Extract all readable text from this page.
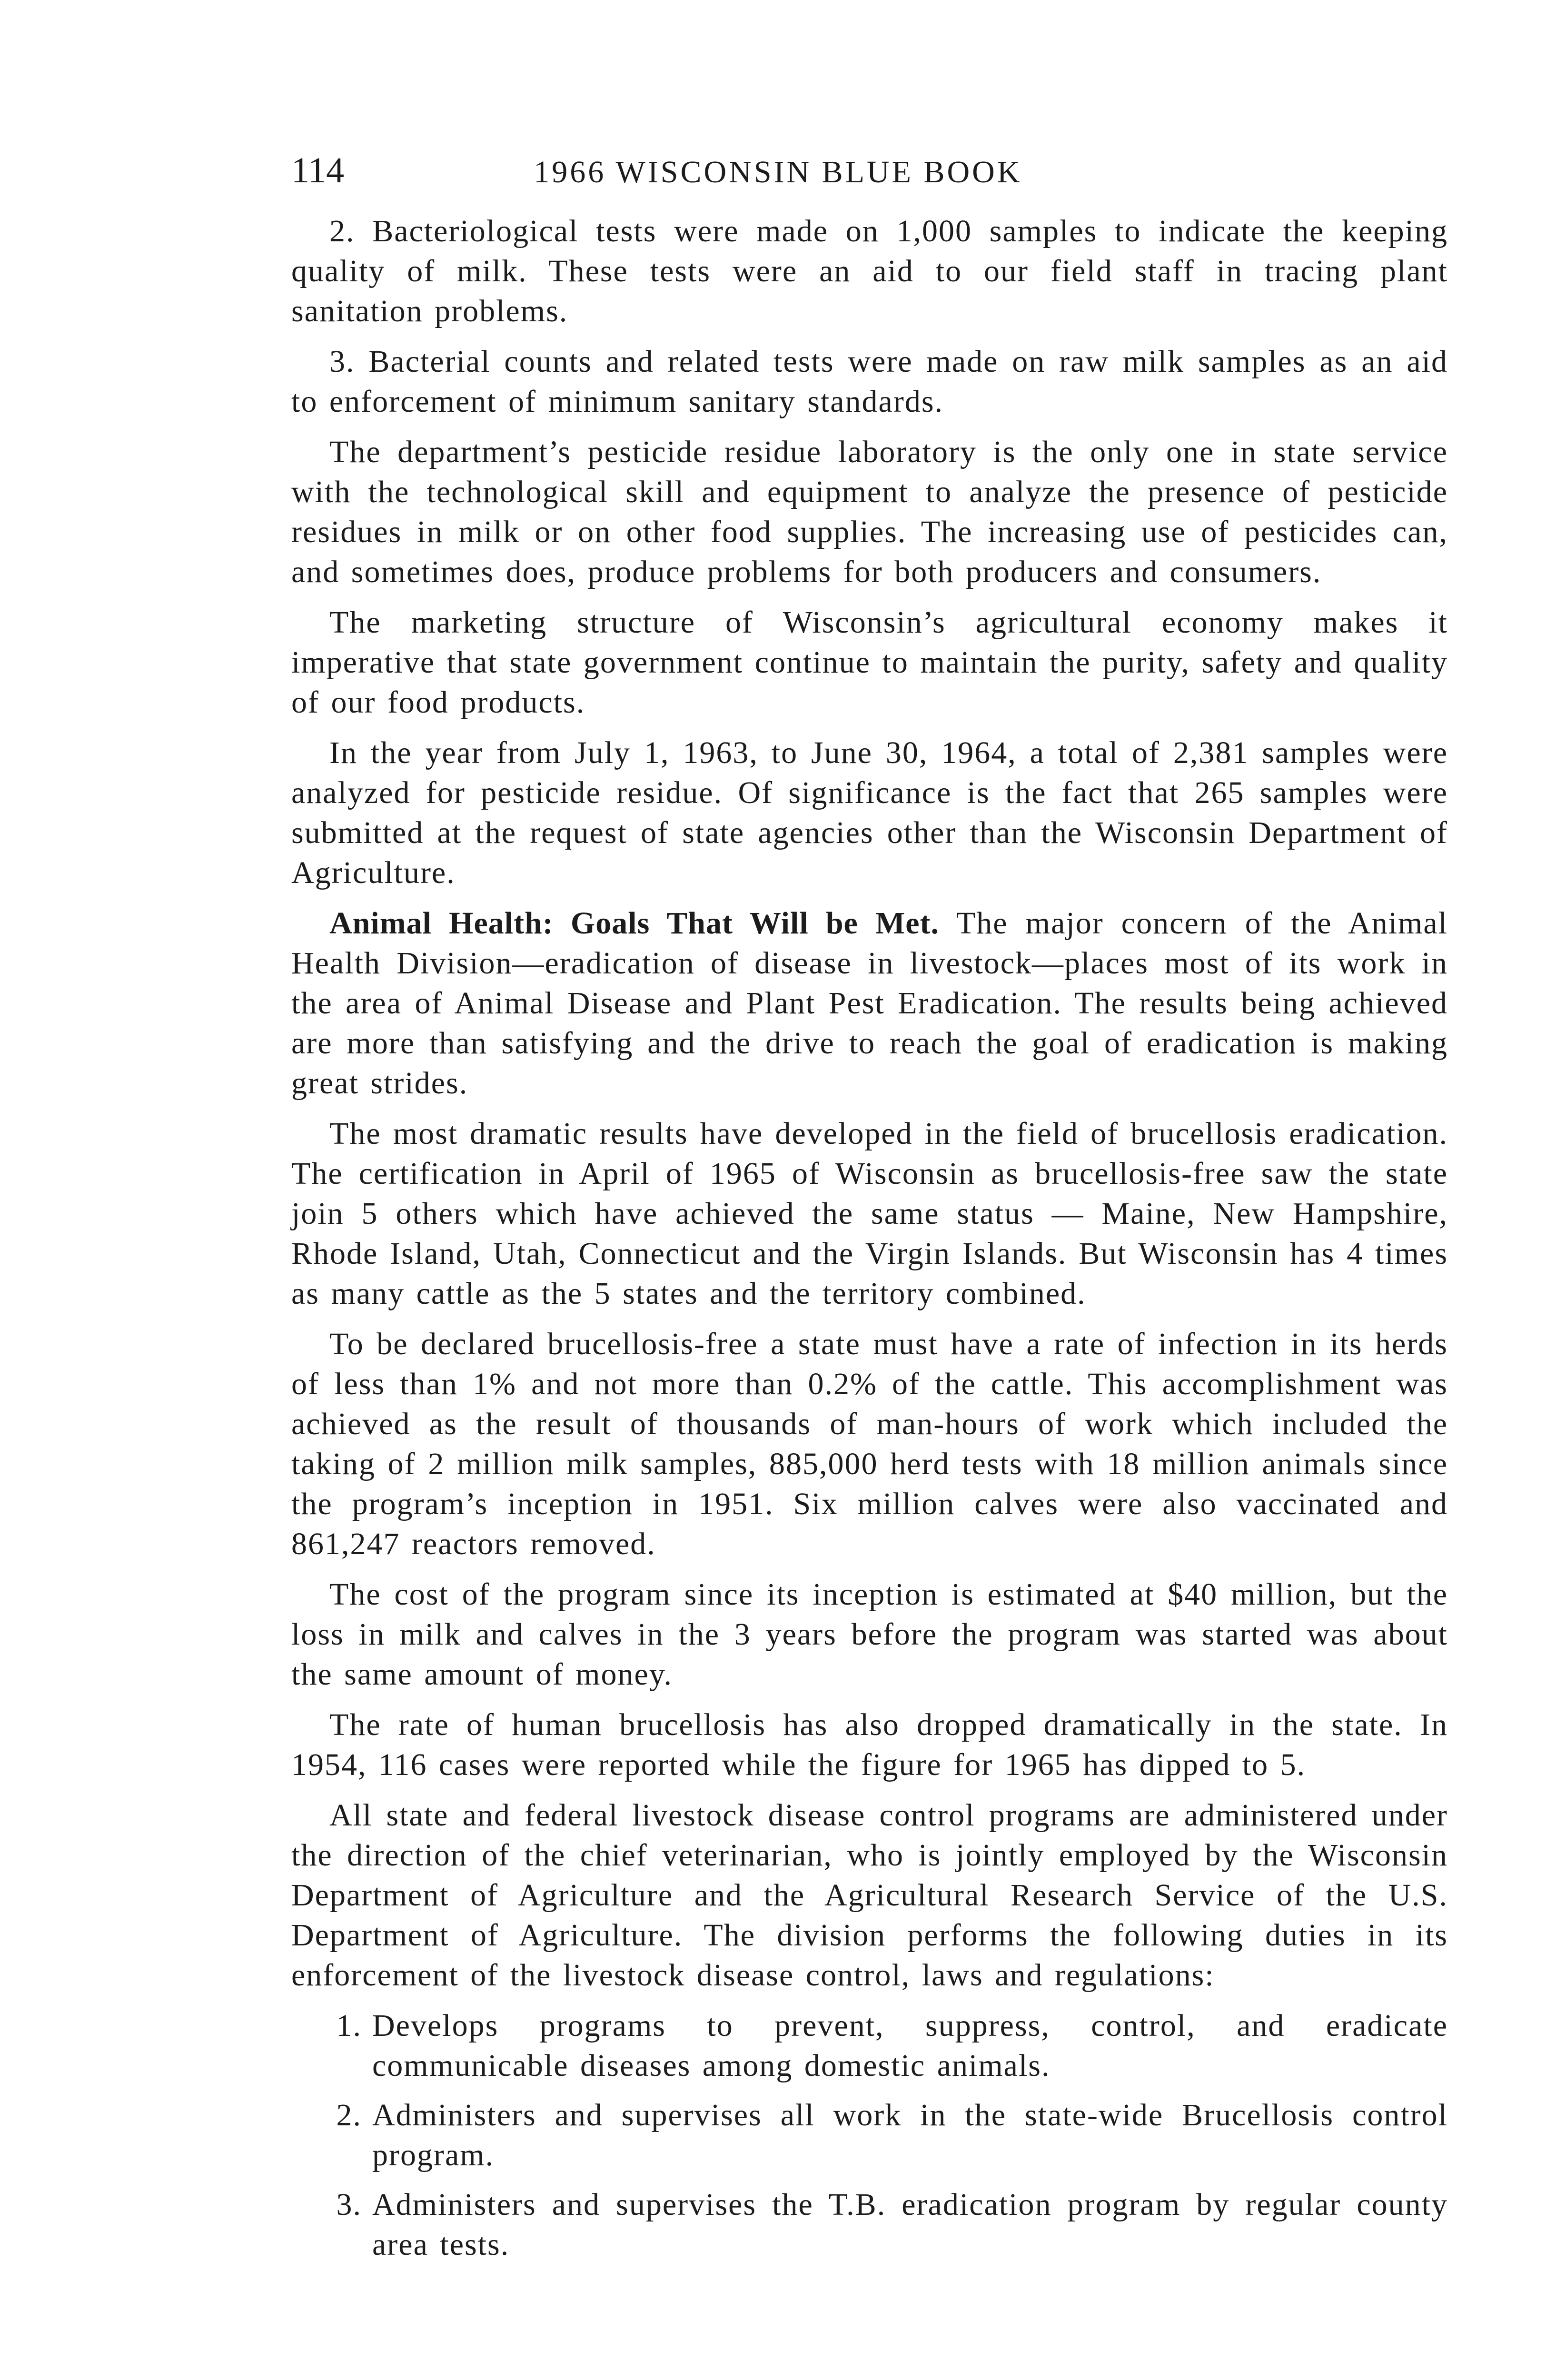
114	1966 WISCONSIN BLUE BOOK

2. Bacteriological tests were made on 1,000 samples to indicate the keeping quality of milk. These tests were an aid to our field staff in tracing plant sanitation problems.

3. Bacterial counts and related tests were made on raw milk samples as an aid to enforcement of minimum sanitary standards.

The department’s pesticide residue laboratory is the only one in state service with the technological skill and equipment to analyze the presence of pesticide residues in milk or on other food supplies. The increasing use of pesticides can, and sometimes does, produce problems for both producers and consumers.

The marketing structure of Wisconsin’s agricultural economy makes it imperative that state government continue to maintain the purity, safety and quality of our food products.

In the year from July 1, 1963, to June 30, 1964, a total of 2,381 samples were analyzed for pesticide residue. Of significance is the fact that 265 samples were submitted at the request of state agencies other than the Wisconsin Department of Agriculture.

Animal Health: Goals That Will be Met. The major concern of the Animal Health Division—eradication of disease in livestock—places most of its work in the area of Animal Disease and Plant Pest Eradication. The results being achieved are more than satisfying and the drive to reach the goal of eradication is making great strides.

The most dramatic results have developed in the field of brucellosis eradication. The certification in April of 1965 of Wisconsin as brucellosis-free saw the state join 5 others which have achieved the same status — Maine, New Hampshire, Rhode Island, Utah, Connecticut and the Virgin Islands. But Wisconsin has 4 times as many cattle as the 5 states and the territory combined.

To be declared brucellosis-free a state must have a rate of infection in its herds of less than 1% and not more than 0.2% of the cattle. This accomplishment was achieved as the result of thousands of man-hours of work which included the taking of 2 million milk samples, 885,000 herd tests with 18 million animals since the program’s inception in 1951. Six million calves were also vaccinated and 861,247 reactors removed.

The cost of the program since its inception is estimated at $40 million, but the loss in milk and calves in the 3 years before the program was started was about the same amount of money.

The rate of human brucellosis has also dropped dramatically in the state. In 1954, 116 cases were reported while the figure for 1965 has dipped to 5.

All state and federal livestock disease control programs are administered under the direction of the chief veterinarian, who is jointly employed by the Wisconsin Department of Agriculture and the Agricultural Research Service of the U.S. Department of Agriculture. The division performs the following duties in its enforcement of the livestock disease control, laws and regulations:

1. Develops programs to prevent, suppress, control, and eradicate communicable diseases among domestic animals.
2. Administers and supervises all work in the state-wide Brucellosis control program.
3. Administers and supervises the T.B. eradication program by regular county area tests.
